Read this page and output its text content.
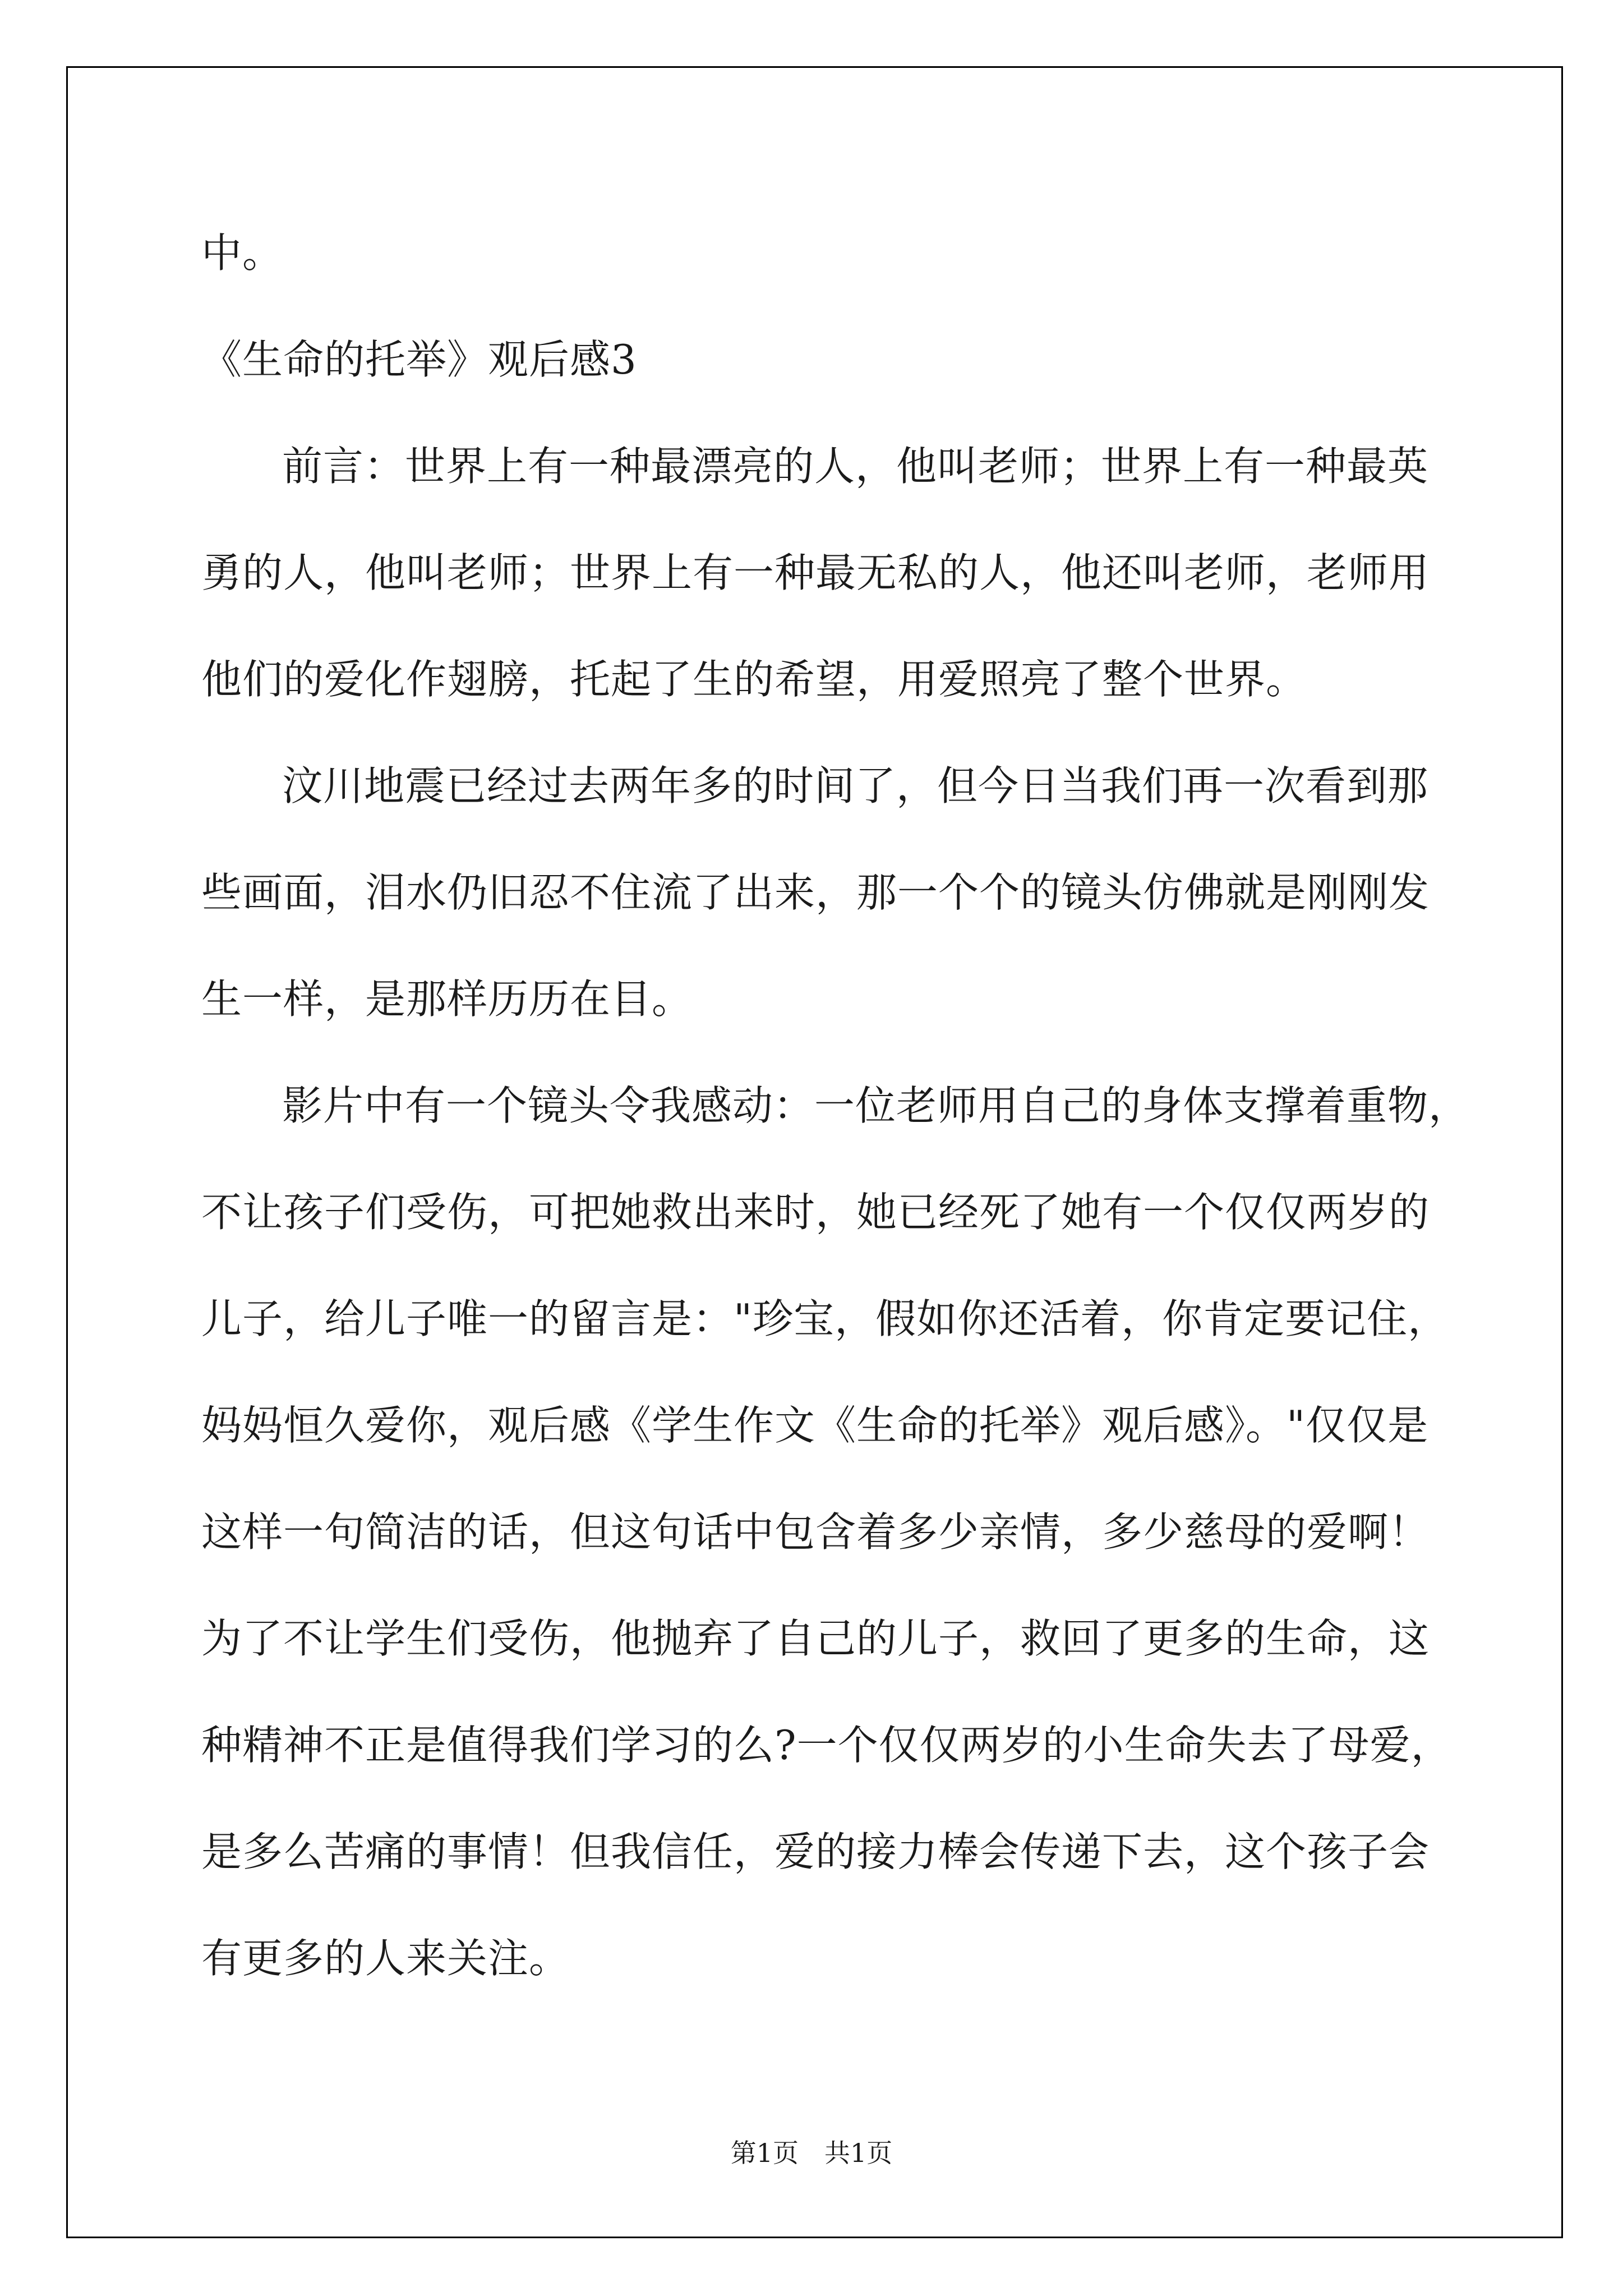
中。
《生命的托举》观后感3
前言：世界上有一种最漂亮的人，他叫老师；世界上有一种最英
勇的人，他叫老师；世界上有一种最无私的人，他还叫老师，老师用
他们的爱化作翅膀，托起了生的希望，用爱照亮了整个世界。
汶川地震已经过去两年多的时间了，但今日当我们再一次看到那
些画面，泪水仍旧忍不住流了出来，那一个个的镜头仿佛就是刚刚发
生一样，是那样历历在目。
影片中有一个镜头令我感动：一位老师用自己的身体支撑着重物，
不让孩子们受伤，可把她救出来时，她已经死了她有一个仅仅两岁的
儿子，给儿子唯一的留言是："珍宝，假如你还活着，你肯定要记住，
妈妈恒久爱你，观后感《学生作文《生命的托举》观后感》。"仅仅是
这样一句简洁的话，但这句话中包含着多少亲情，多少慈母的爱啊！
为了不让学生们受伤，他抛弃了自己的儿子，救回了更多的生命，这
种精神不正是值得我们学习的么?一个仅仅两岁的小生命失去了母爱，
是多么苦痛的事情！但我信任，爱的接力棒会传递下去，这个孩子会
有更多的人来关注。
第1页　共1页
